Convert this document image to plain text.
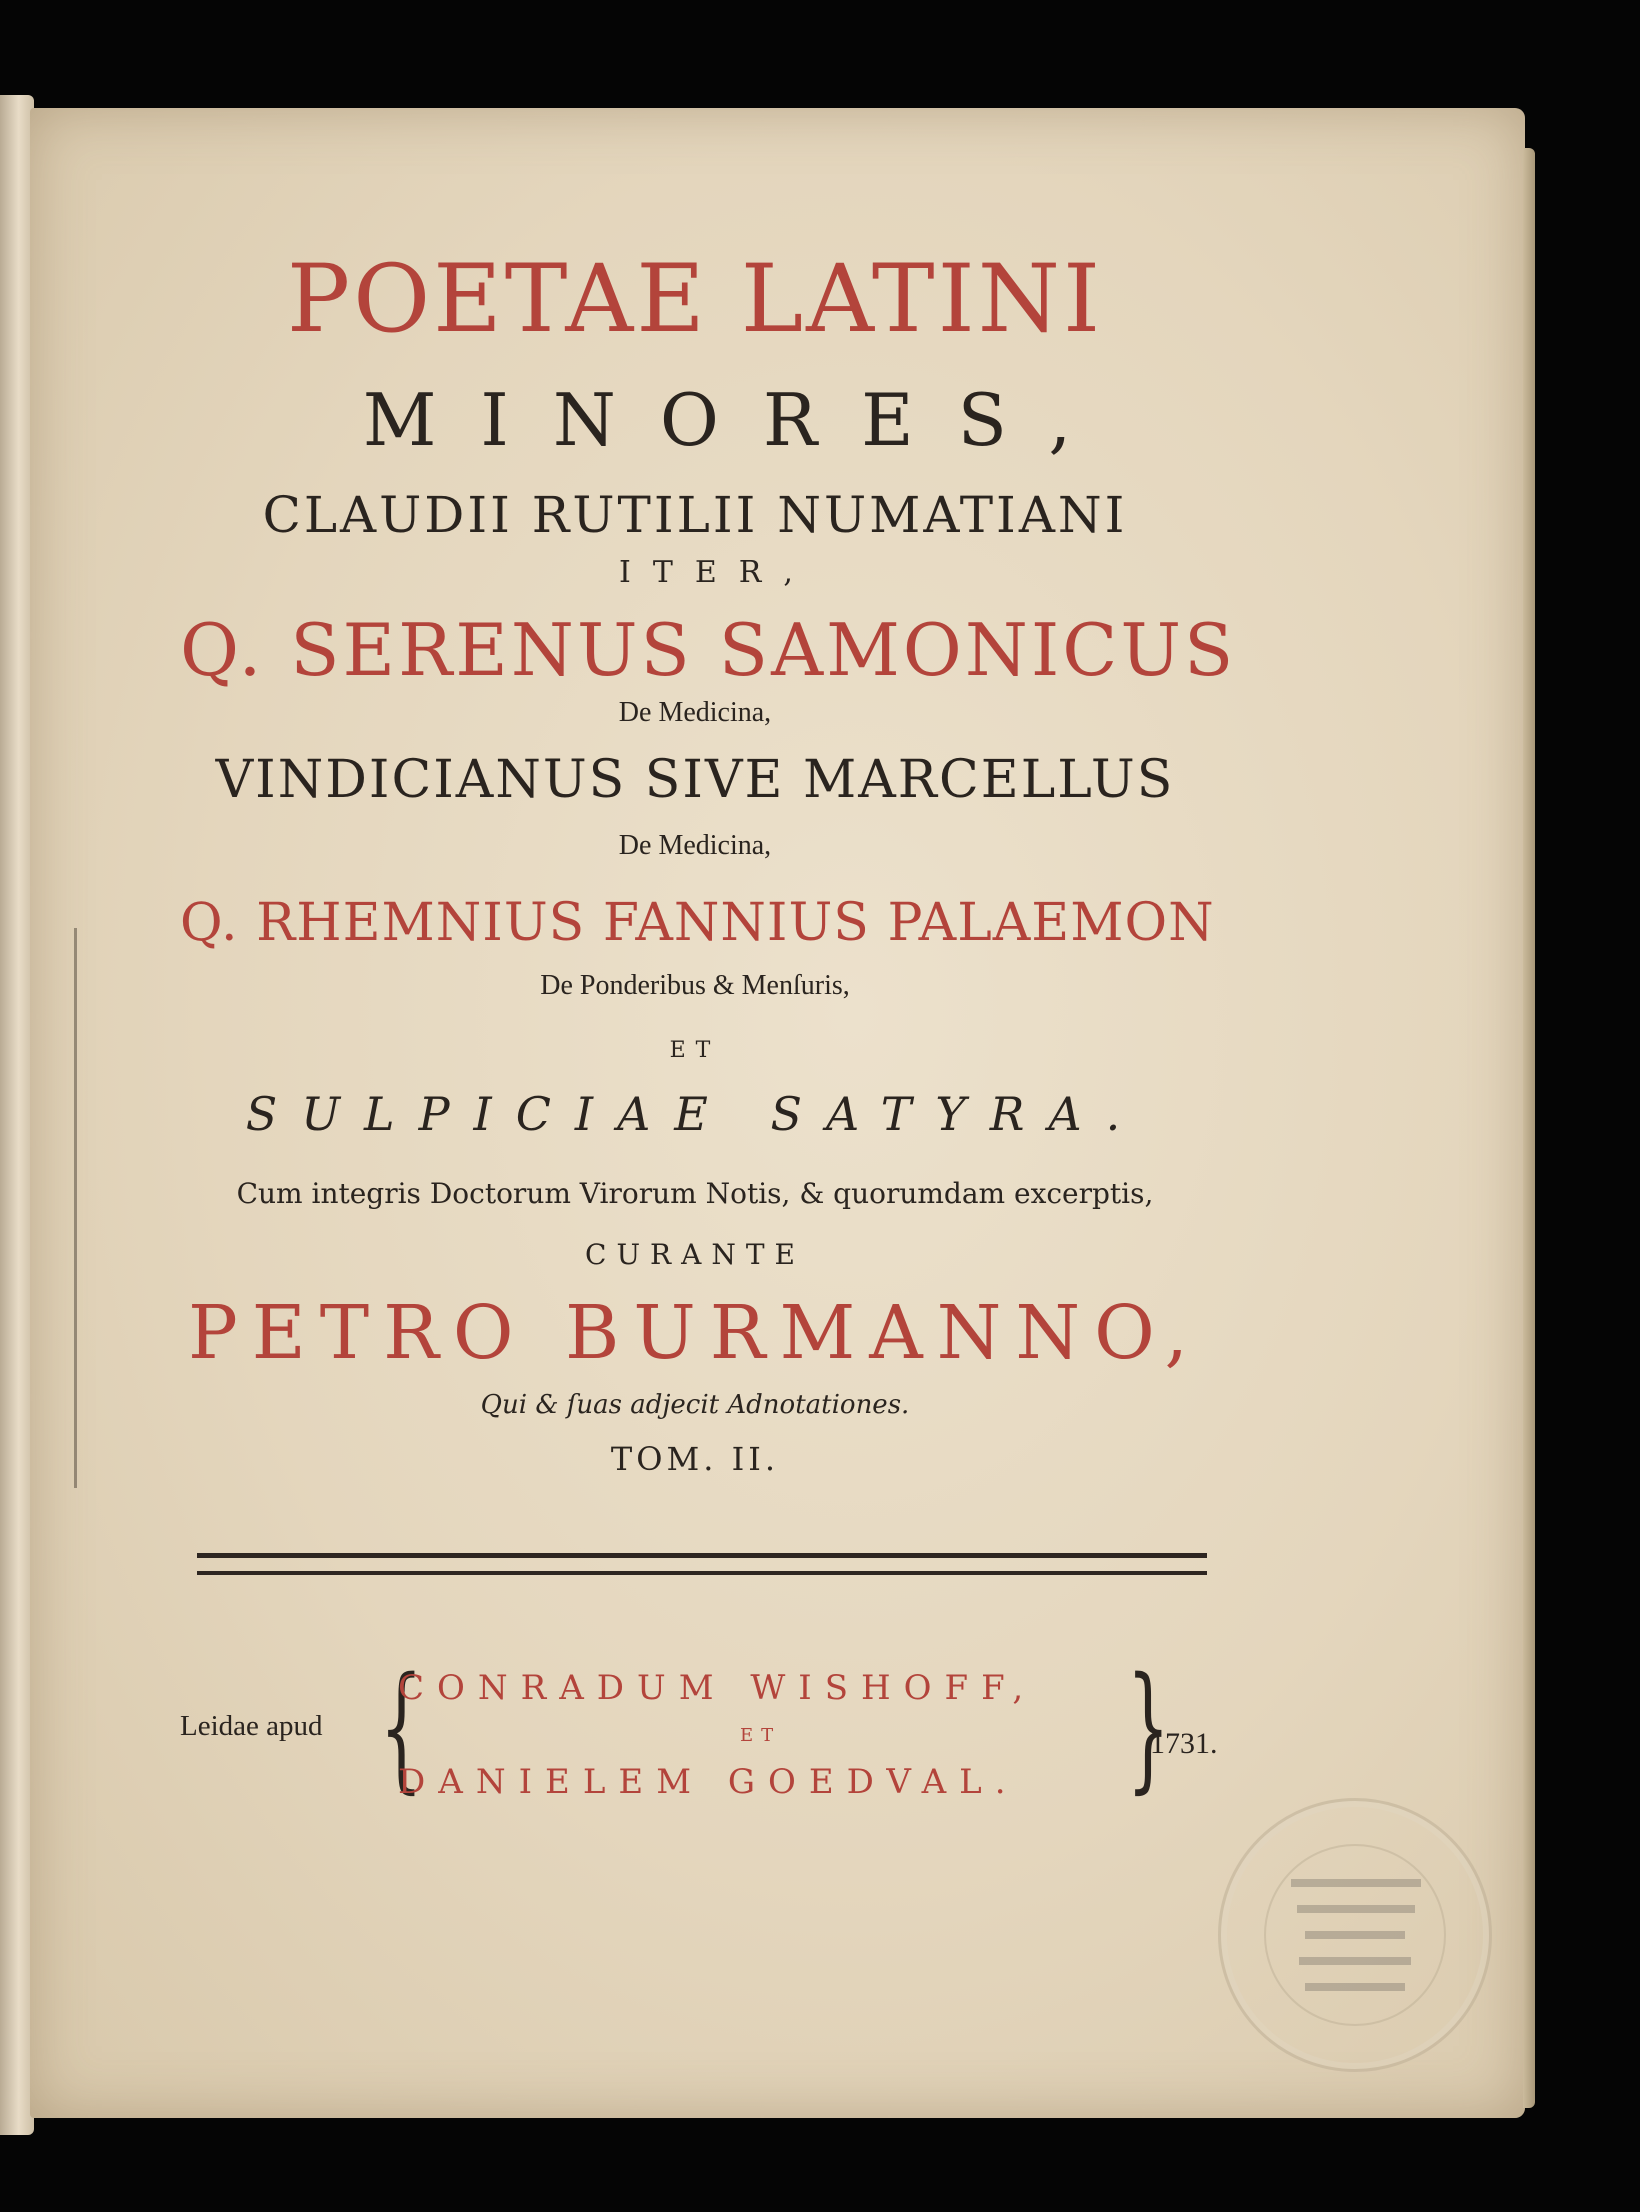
POETAE LATINI

MINORES,

CLAUDII RUTILII NUMATIANI

ITER,

Q. SERENUS SAMONICUS

De Medicina,

VINDICIANUS SIVE MARCELLUS

De Medicina,

Q. RHEMNIUS FANNIUS PALAEMON

De Ponderibus & Menſuris,

ET

SULPICIAE SATYRA.

Cum integris Doctorum Virorum Notis, & quorumdam excerptis,

CURANTE

PETRO BURMANNO,

Qui & ſuas adjecit Adnotationes.

TOM. II.

Leidae apud {
CONRADUM WISHOFF,
ET
DANIELEM GOEDVAL. }
1731.
